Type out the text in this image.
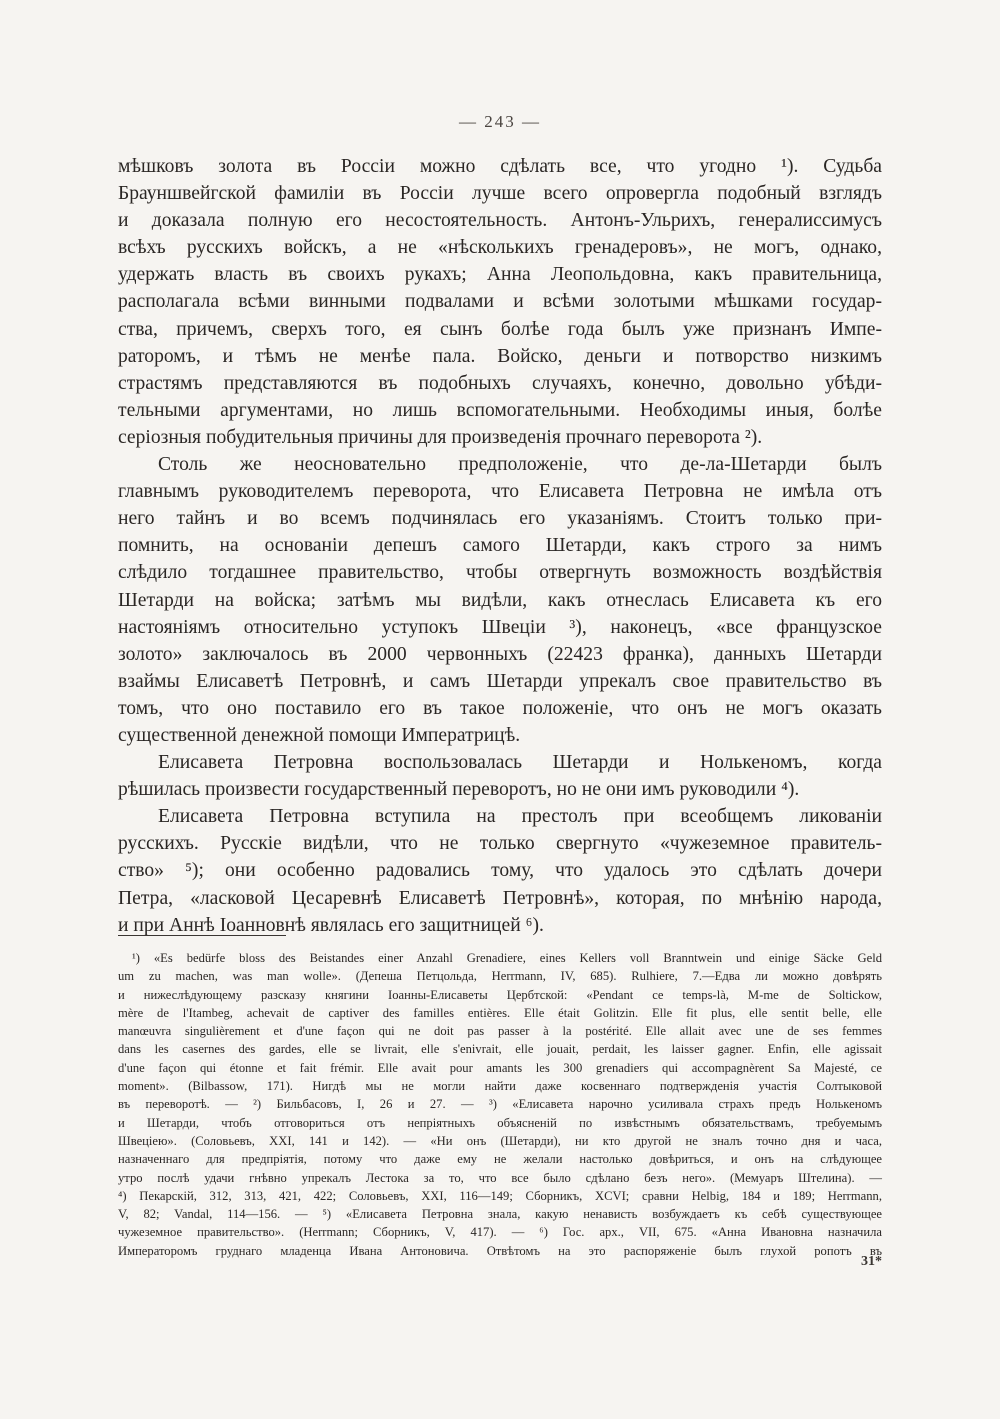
— 243 —
мѣшковъ золота въ Россіи можно сдѣлать все, что угодно ¹). Судьба
Брауншвейгской фамиліи въ Россіи лучше всего опровергла подобный взглядъ
и доказала полную его несостоятельность. Антонъ-Ульрихъ, генералиссимусъ
всѣхъ русскихъ войскъ, а не «нѣсколькихъ гренадеровъ», не могъ, однако,
удержать власть въ своихъ рукахъ; Анна Леопольдовна, какъ правительница,
располагала всѣми винными подвалами и всѣми золотыми мѣшками государ-
ства, причемъ, сверхъ того, ея сынъ болѣе года былъ уже признанъ Импе-
раторомъ, и тѣмъ не менѣе пала. Войско, деньги и потворство низкимъ
страстямъ представляются въ подобныхъ случаяхъ, конечно, довольно убѣди-
тельными аргументами, но лишь вспомогательными. Необходимы иныя, болѣе
серіозныя побудительныя причины для произведенія прочнаго переворота ²).
Столь же неосновательно предположеніе, что де-ла-Шетарди былъ
главнымъ руководителемъ переворота, что Елисавета Петровна не имѣла отъ
него тайнъ и во всемъ подчинялась его указаніямъ. Стоитъ только при-
помнить, на основаніи депешъ самого Шетарди, какъ строго за нимъ
слѣдило тогдашнее правительство, чтобы отвергнуть возможность воздѣйствія
Шетарди на войска; затѣмъ мы видѣли, какъ отнеслась Елисавета къ его
настояніямъ относительно уступокъ Швеціи ³), наконецъ, «все французское
золото» заключалось въ 2000 червонныхъ (22423 франка), данныхъ Шетарди
взаймы Елисаветѣ Петровнѣ, и самъ Шетарди упрекалъ свое правительство въ
томъ, что оно поставило его въ такое положеніе, что онъ не могъ оказать
существенной денежной помощи Императрицѣ.
Елисавета Петровна воспользовалась Шетарди и Нолькеномъ, когда
рѣшилась произвести государственный переворотъ, но не они имъ руководили ⁴).
Елисавета Петровна вступила на престолъ при всеобщемъ ликованіи
русскихъ. Русскіе видѣли, что не только свергнуто «чужеземное правитель-
ство» ⁵); они особенно радовались тому, что удалось это сдѣлать дочери
Петра, «ласковой Цесаревнѣ Елисаветѣ Петровнѣ», которая, по мнѣнію народа,
и при Аннѣ Іоанновнѣ являлась его защитницей ⁶).
¹) «Es bedürfe bloss des Beistandes einer Anzahl Grenadiere, eines Kellers voll Branntwein und einige Säcke Geld
um zu machen, was man wolle». (Депеша Петцольда, Herrmann, IV, 685). Rulhiere, 7.—Едва ли можно довѣрять
и нижеслѣдующему разсказу княгини Іоанны-Елисаветы Цербтской: «Pendant ce temps-là, M-me de Soltickow,
mère de l'Itambeg, achevait de captiver des familles entières. Elle était Golitzin. Elle fit plus, elle sentit belle, elle
manœuvra singulièrement et d'une façon qui ne doit pas passer à la postérité. Elle allait avec une de ses femmes
dans les casernes des gardes, elle se livrait, elle s'enivrait, elle jouait, perdait, les laisser gagner. Enfin, elle agissait
d'une façon qui étonne et fait frémir. Elle avait pour amants les 300 grenadiers qui accompagnèrent Sa Majesté, ce
moment». (Bilbassow, 171). Нигдѣ мы не могли найти даже косвеннаго подтвержденія участія Солтыковой
въ переворотѣ. — ²) Бильбасовъ, I, 26 и 27. — ³) «Елисавета нарочно усиливала страхъ предъ Нолькеномъ
и Шетарди, чтобъ отговориться отъ непріятныхъ объясненій по извѣстнымъ обязательствамъ, требуемымъ
Швеціею». (Соловьевъ, XXI, 141 и 142). — «Ни онъ (Шетарди), ни кто другой не зналъ точно дня и часа,
назначеннаго для предпріятія, потому что даже ему не желали настолько довѣриться, и онъ на слѣдующее
утро послѣ удачи гнѣвно упрекалъ Лестока за то, что все было сдѣлано безъ него». (Мемуаръ Штелина). —
⁴) Пекарскій, 312, 313, 421, 422; Соловьевъ, XXI, 116—149; Сборникъ, XCVI; сравни Helbig, 184 и 189; Herrmann,
V, 82; Vandal, 114—156. — ⁵) «Елисавета Петровна знала, какую ненависть возбуждаетъ къ себѣ существующее
чужеземное правительство». (Herrmann; Сборникъ, V, 417). — ⁶) Гос. арх., VII, 675. «Анна Ивановна назначила
Императоромъ груднаго младенца Ивана Антоновича. Отвѣтомъ на это распоряженіе былъ глухой ропотъ въ
31*
